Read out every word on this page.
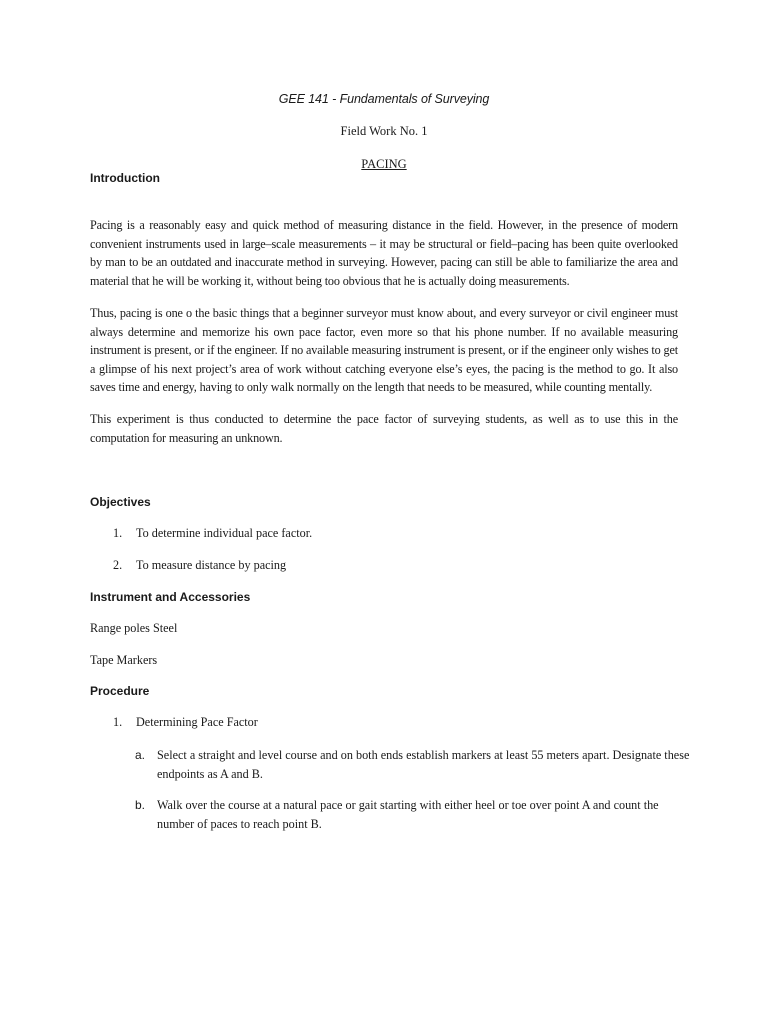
GEE 141 - Fundamentals of Surveying
Field Work No. 1
PACING
Introduction
Pacing is a reasonably easy and quick method of measuring distance in the field. However, in the presence of modern convenient instruments used in large–scale measurements – it may be structural or field–pacing has been quite overlooked by man to be an outdated and inaccurate method in surveying. However, pacing can still be able to familiarize the area and material that he will be working it, without being too obvious that he is actually doing measurements.
Thus, pacing is one o the basic things that a beginner surveyor must know about, and every surveyor or civil engineer must always determine and memorize his own pace factor, even more so that his phone number. If no available measuring instrument is present, or if the engineer. If no available measuring instrument is present, or if the engineer only wishes to get a glimpse of his next project’s area of work without catching everyone else’s eyes, the pacing is the method to go. It also saves time and energy, having to only walk normally on the length that needs to be measured, while counting mentally.
This experiment is thus conducted to determine the pace factor of surveying students, as well as to use this in the computation for measuring an unknown.
Objectives
1. To determine individual pace factor.
2. To measure distance by pacing
Instrument and Accessories
Range poles Steel
Tape Markers
Procedure
1. Determining Pace Factor
a. Select a straight and level course and on both ends establish markers at least 55 meters apart. Designate these endpoints as A and B.
b. Walk over the course at a natural pace or gait starting with either heel or toe over point A and count the number of paces to reach point B.
